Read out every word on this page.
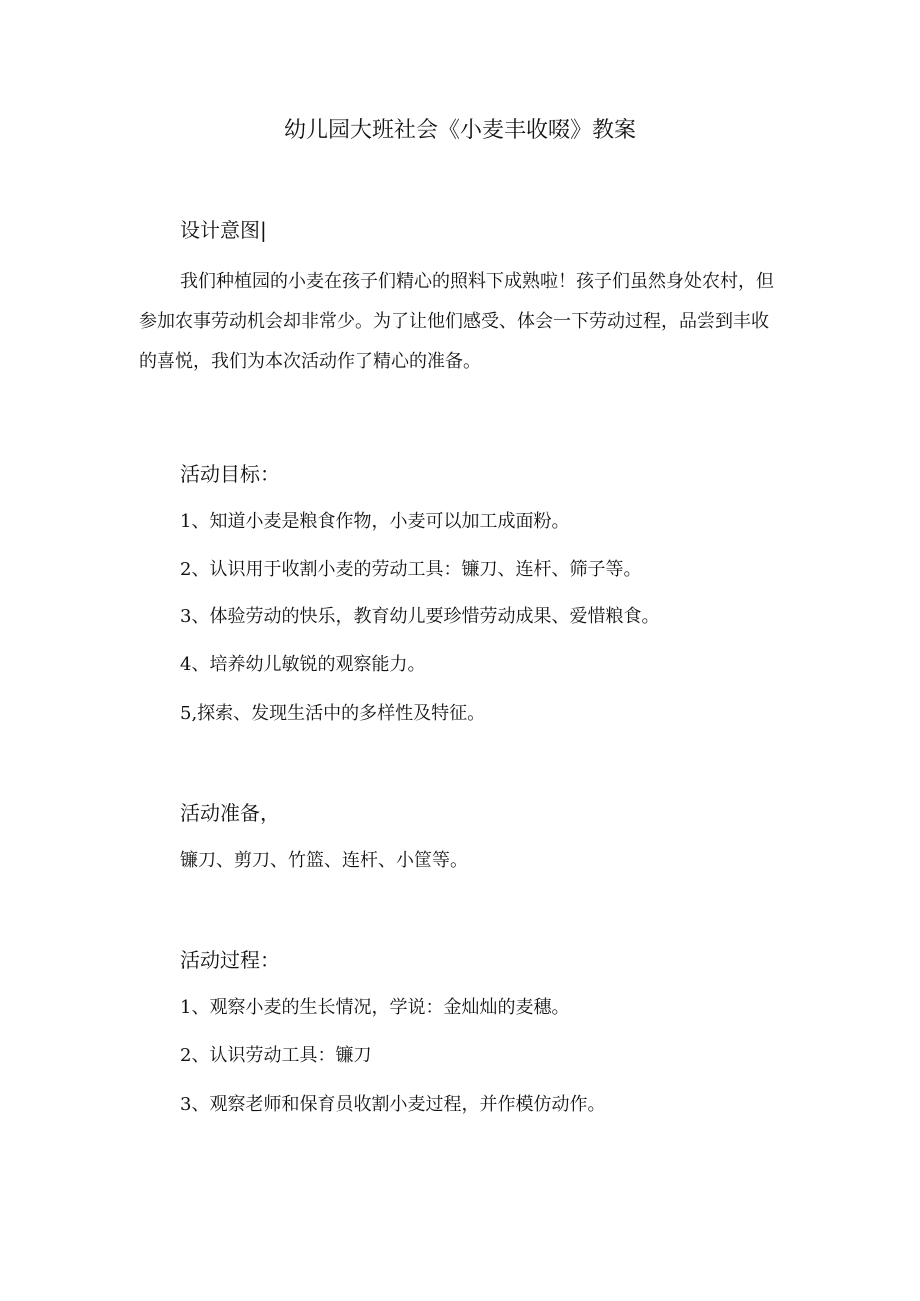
幼儿园大班社会《小麦丰收啜》教案
设计意图|

我们种植园的小麦在孩子们精心的照料下成熟啦！孩子们虽然身处农村，但参加农事劳动机会却非常少。为了让他们感受、体会一下劳动过程，品尝到丰收的喜悦，我们为本次活动作了精心的准备。

活动目标：
1、知道小麦是粮食作物，小麦可以加工成面粉。
2、认识用于收割小麦的劳动工具：镰刀、连杆、筛子等。
3、体验劳动的快乐，教育幼儿要珍惜劳动成果、爱惜粮食。
4、培养幼儿敏锐的观察能力。
5,探索、发现生活中的多样性及特征。
活动准备，
镰刀、剪刀、竹篮、连杆、小筐等。
活动过程：
1、观察小麦的生长情况，学说：金灿灿的麦穗。
2、认识劳动工具：镰刀
3、观察老师和保育员收割小麦过程，并作模仿动作。
